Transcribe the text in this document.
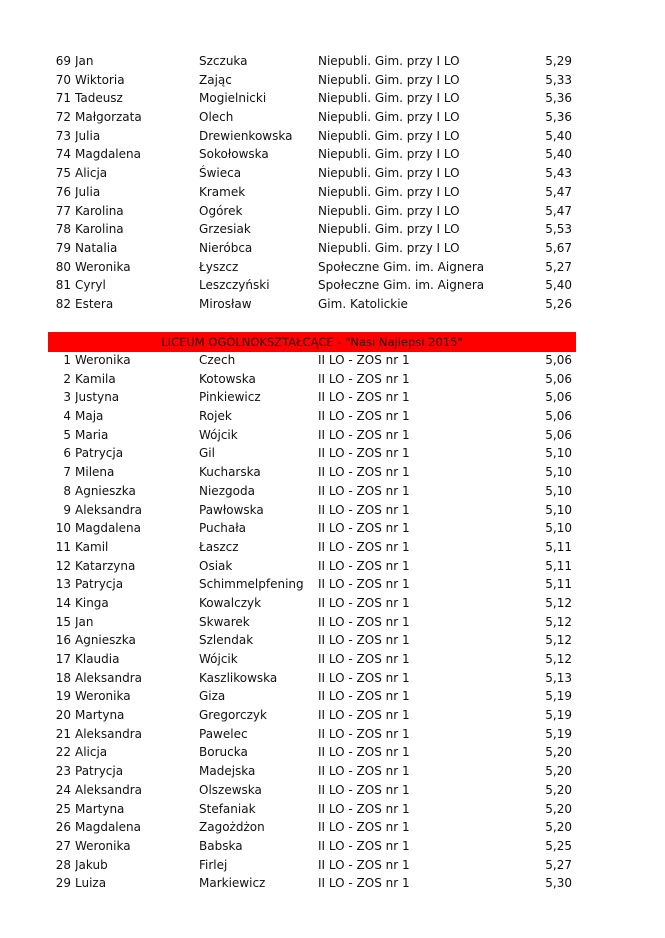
69 Jan	Szczuka	Niepubli. Gim. przy I LO	5,29
70 Wiktoria	Zając	Niepubli. Gim. przy I LO	5,33
71 Tadeusz	Mogielnicki	Niepubli. Gim. przy I LO	5,36
72 Małgorzata	Olech	Niepubli. Gim. przy I LO	5,36
73 Julia	Drewienkowska	Niepubli. Gim. przy I LO	5,40
74 Magdalena	Sokołowska	Niepubli. Gim. przy I LO	5,40
75 Alicja	Świeca	Niepubli. Gim. przy I LO	5,43
76 Julia	Kramek	Niepubli. Gim. przy I LO	5,47
77 Karolina	Ogórek	Niepubli. Gim. przy I LO	5,47
78 Karolina	Grzesiak	Niepubli. Gim. przy I LO	5,53
79 Natalia	Nieróbca	Niepubli. Gim. przy I LO	5,67
80 Weronika	Łyszcz	Społeczne Gim. im. Aignera	5,27
81 Cyryl	Leszczyński	Społeczne Gim. im. Aignera	5,40
82 Estera	Mirosław	Gim. Katolickie	5,26
LICEUM OGÓLNOKSZTAŁCĄCE - "Nasi Najlepsi 2015"
1 Weronika	Czech	II LO - ZOS nr 1	5,06
2 Kamila	Kotowska	II LO - ZOS nr 1	5,06
3 Justyna	Pinkiewicz	II LO - ZOS nr 1	5,06
4 Maja	Rojek	II LO - ZOS nr 1	5,06
5 Maria	Wójcik	II LO - ZOS nr 1	5,06
6 Patrycja	Gil	II LO - ZOS nr 1	5,10
7 Milena	Kucharska	II LO - ZOS nr 1	5,10
8 Agnieszka	Niezgoda	II LO - ZOS nr 1	5,10
9 Aleksandra	Pawłowska	II LO - ZOS nr 1	5,10
10 Magdalena	Puchała	II LO - ZOS nr 1	5,10
11 Kamil	Łaszcz	II LO - ZOS nr 1	5,11
12 Katarzyna	Osiak	II LO - ZOS nr 1	5,11
13 Patrycja	Schimmelpfening	II LO - ZOS nr 1	5,11
14 Kinga	Kowalczyk	II LO - ZOS nr 1	5,12
15 Jan	Skwarek	II LO - ZOS nr 1	5,12
16 Agnieszka	Szlendak	II LO - ZOS nr 1	5,12
17 Klaudia	Wójcik	II LO - ZOS nr 1	5,12
18 Aleksandra	Kaszlikowska	II LO - ZOS nr 1	5,13
19 Weronika	Giza	II LO - ZOS nr 1	5,19
20 Martyna	Gregorczyk	II LO - ZOS nr 1	5,19
21 Aleksandra	Pawelec	II LO - ZOS nr 1	5,19
22 Alicja	Borucka	II LO - ZOS nr 1	5,20
23 Patrycja	Madejska	II LO - ZOS nr 1	5,20
24 Aleksandra	Olszewska	II LO - ZOS nr 1	5,20
25 Martyna	Stefaniak	II LO - ZOS nr 1	5,20
26 Magdalena	Zagożdżon	II LO - ZOS nr 1	5,20
27 Weronika	Babska	II LO - ZOS nr 1	5,25
28 Jakub	Firlej	II LO - ZOS nr 1	5,27
29 Luiza	Markiewicz	II LO - ZOS nr 1	5,30
